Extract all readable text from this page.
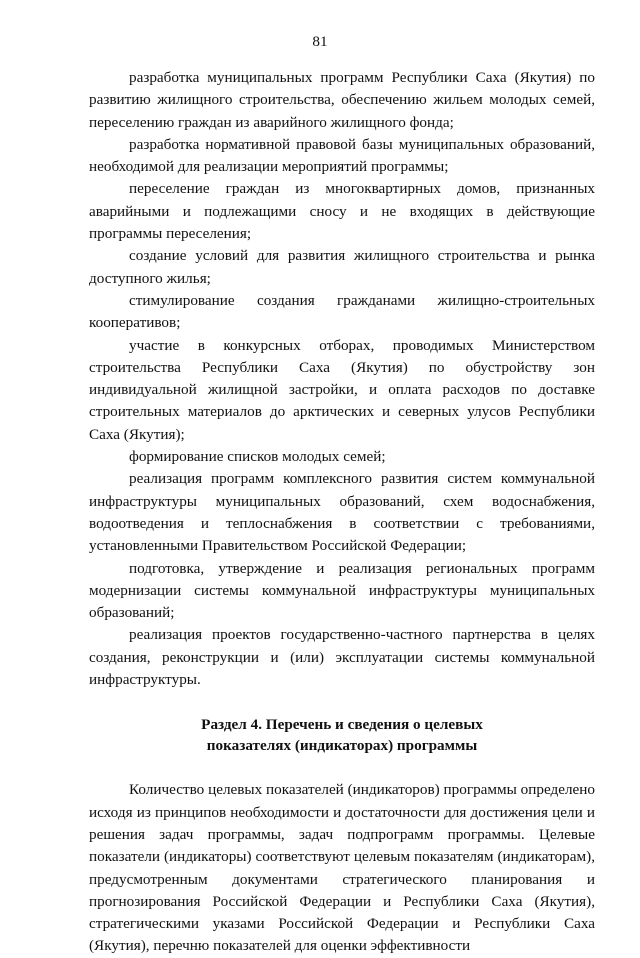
81

разработка муниципальных программ Республики Саха (Якутия) по развитию жилищного строительства, обеспечению жильем молодых семей, переселению граждан из аварийного жилищного фонда;

разработка нормативной правовой базы муниципальных образований, необходимой для реализации мероприятий программы;

переселение граждан из многоквартирных домов, признанных аварийными и подлежащими сносу и не входящих в действующие программы переселения;

создание условий для развития жилищного строительства и рынка доступного жилья;

стимулирование создания гражданами жилищно-строительных кооперативов;

участие в конкурсных отборах, проводимых Министерством строительства Республики Саха (Якутия) по обустройству зон индивидуальной жилищной застройки, и оплата расходов по доставке строительных материалов до арктических и северных улусов Республики Саха (Якутия);

формирование списков молодых семей;

реализация программ комплексного развития систем коммунальной инфраструктуры муниципальных образований, схем водоснабжения, водоотведения и теплоснабжения в соответствии с требованиями, установленными Правительством Российской Федерации;

подготовка, утверждение и реализация региональных программ модернизации системы коммунальной инфраструктуры муниципальных образований;

реализация проектов государственно-частного партнерства в целях создания, реконструкции и (или) эксплуатации системы коммунальной инфраструктуры.

Раздел 4. Перечень и сведения о целевых
показателях (индикаторах) программы

Количество целевых показателей (индикаторов) программы определено исходя из принципов необходимости и достаточности для достижения цели и решения задач программы, задач подпрограмм программы. Целевые показатели (индикаторы) соответствуют целевым показателям (индикаторам), предусмотренным документами стратегического планирования и прогнозирования Российской Федерации и Республики Саха (Якутия), стратегическими указами Российской Федерации и Республики Саха (Якутия), перечню показателей для оценки эффективности
